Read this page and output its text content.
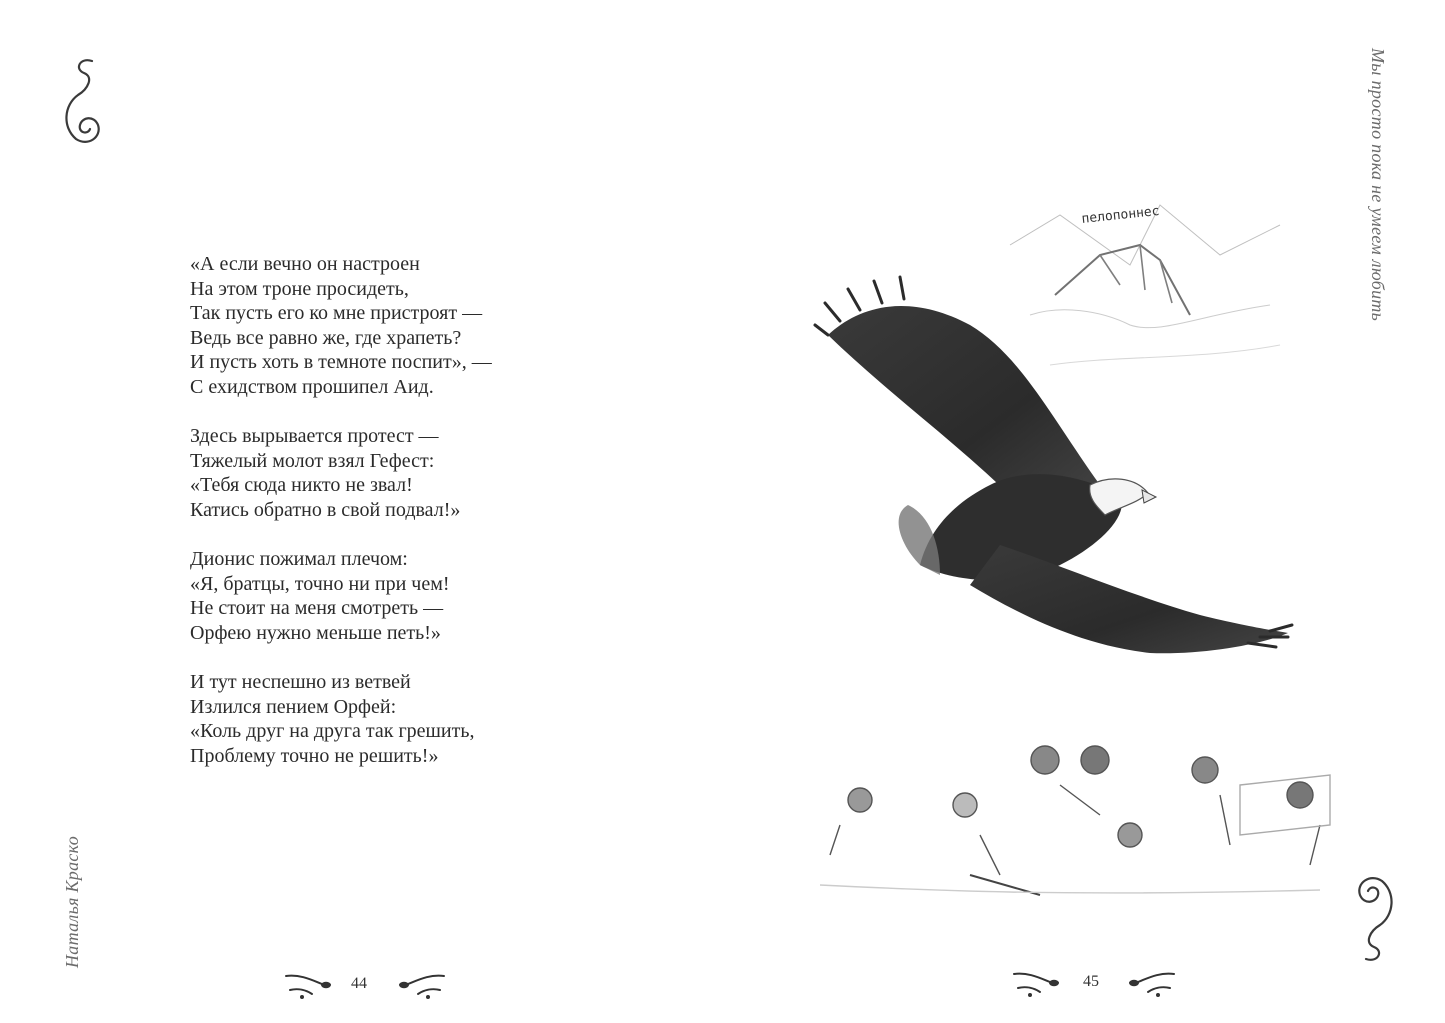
Наталья Краско
«А если вечно он настроен
На этом троне просидеть,
Так пусть его ко мне пристроят —
Ведь все равно же, где храпеть?
И пусть хоть в темноте поспит», —
С ехидством прошипел Аид.
Здесь вырывается протест —
Тяжелый молот взял Гефест:
«Тебя сюда никто не звал!
Катись обратно в свой подвал!»
Дионис пожимал плечом:
«Я, братцы, точно ни при чем!
Не стоит на меня смотреть —
Орфею нужно меньше петь!»
И тут неспешно из ветвей
Излился пением Орфей:
«Коль друг на друга так грешить,
Проблему точно не решить!»
44
Мы просто пока не умеем любить
пелопоннес
45
